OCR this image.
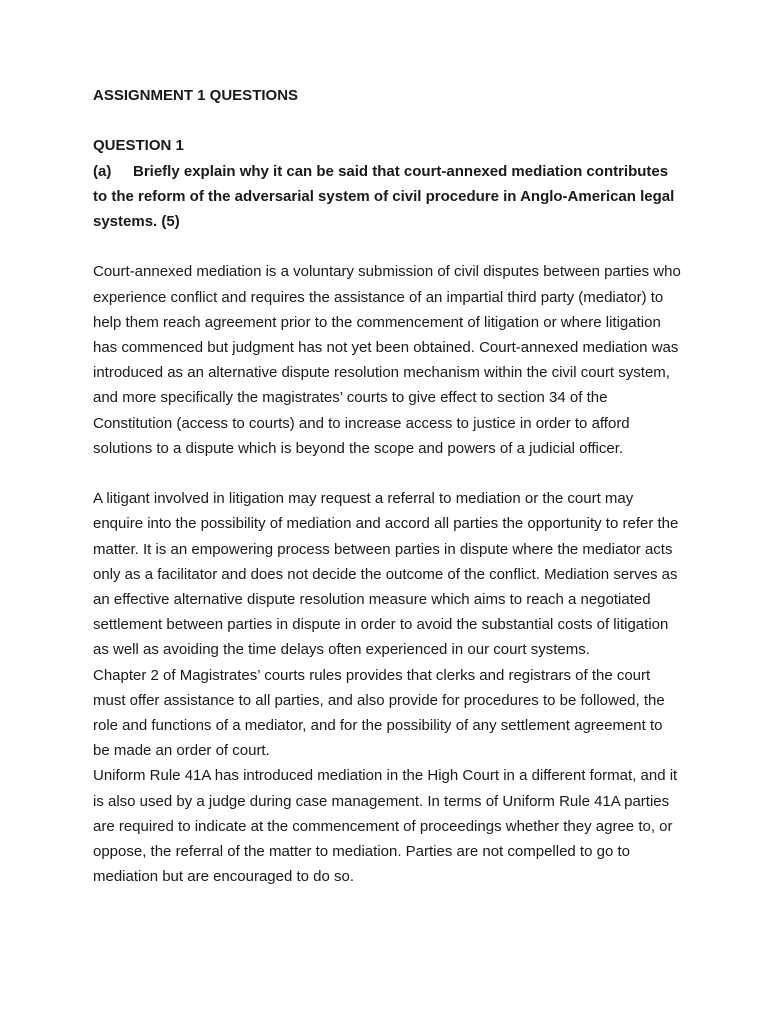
ASSIGNMENT 1 QUESTIONS

QUESTION 1

(a) Briefly explain why it can be said that court-annexed mediation contributes to the reform of the adversarial system of civil procedure in Anglo-American legal systems. (5)

Court-annexed mediation is a voluntary submission of civil disputes between parties who experience conflict and requires the assistance of an impartial third party (mediator) to help them reach agreement prior to the commencement of litigation or where litigation has commenced but judgment has not yet been obtained. Court-annexed mediation was introduced as an alternative dispute resolution mechanism within the civil court system, and more specifically the magistrates’ courts to give effect to section 34 of the Constitution (access to courts) and to increase access to justice in order to afford solutions to a dispute which is beyond the scope and powers of a judicial officer.

A litigant involved in litigation may request a referral to mediation or the court may enquire into the possibility of mediation and accord all parties the opportunity to refer the matter. It is an empowering process between parties in dispute where the mediator acts only as a facilitator and does not decide the outcome of the conflict. Mediation serves as an effective alternative dispute resolution measure which aims to reach a negotiated settlement between parties in dispute in order to avoid the substantial costs of litigation as well as avoiding the time delays often experienced in our court systems.

Chapter 2 of Magistrates’ courts rules provides that clerks and registrars of the court must offer assistance to all parties, and also provide for procedures to be followed, the role and functions of a mediator, and for the possibility of any settlement agreement to be made an order of court.

Uniform Rule 41A has introduced mediation in the High Court in a different format, and it is also used by a judge during case management. In terms of Uniform Rule 41A parties are required to indicate at the commencement of proceedings whether they agree to, or oppose, the referral of the matter to mediation. Parties are not compelled to go to mediation but are encouraged to do so.
